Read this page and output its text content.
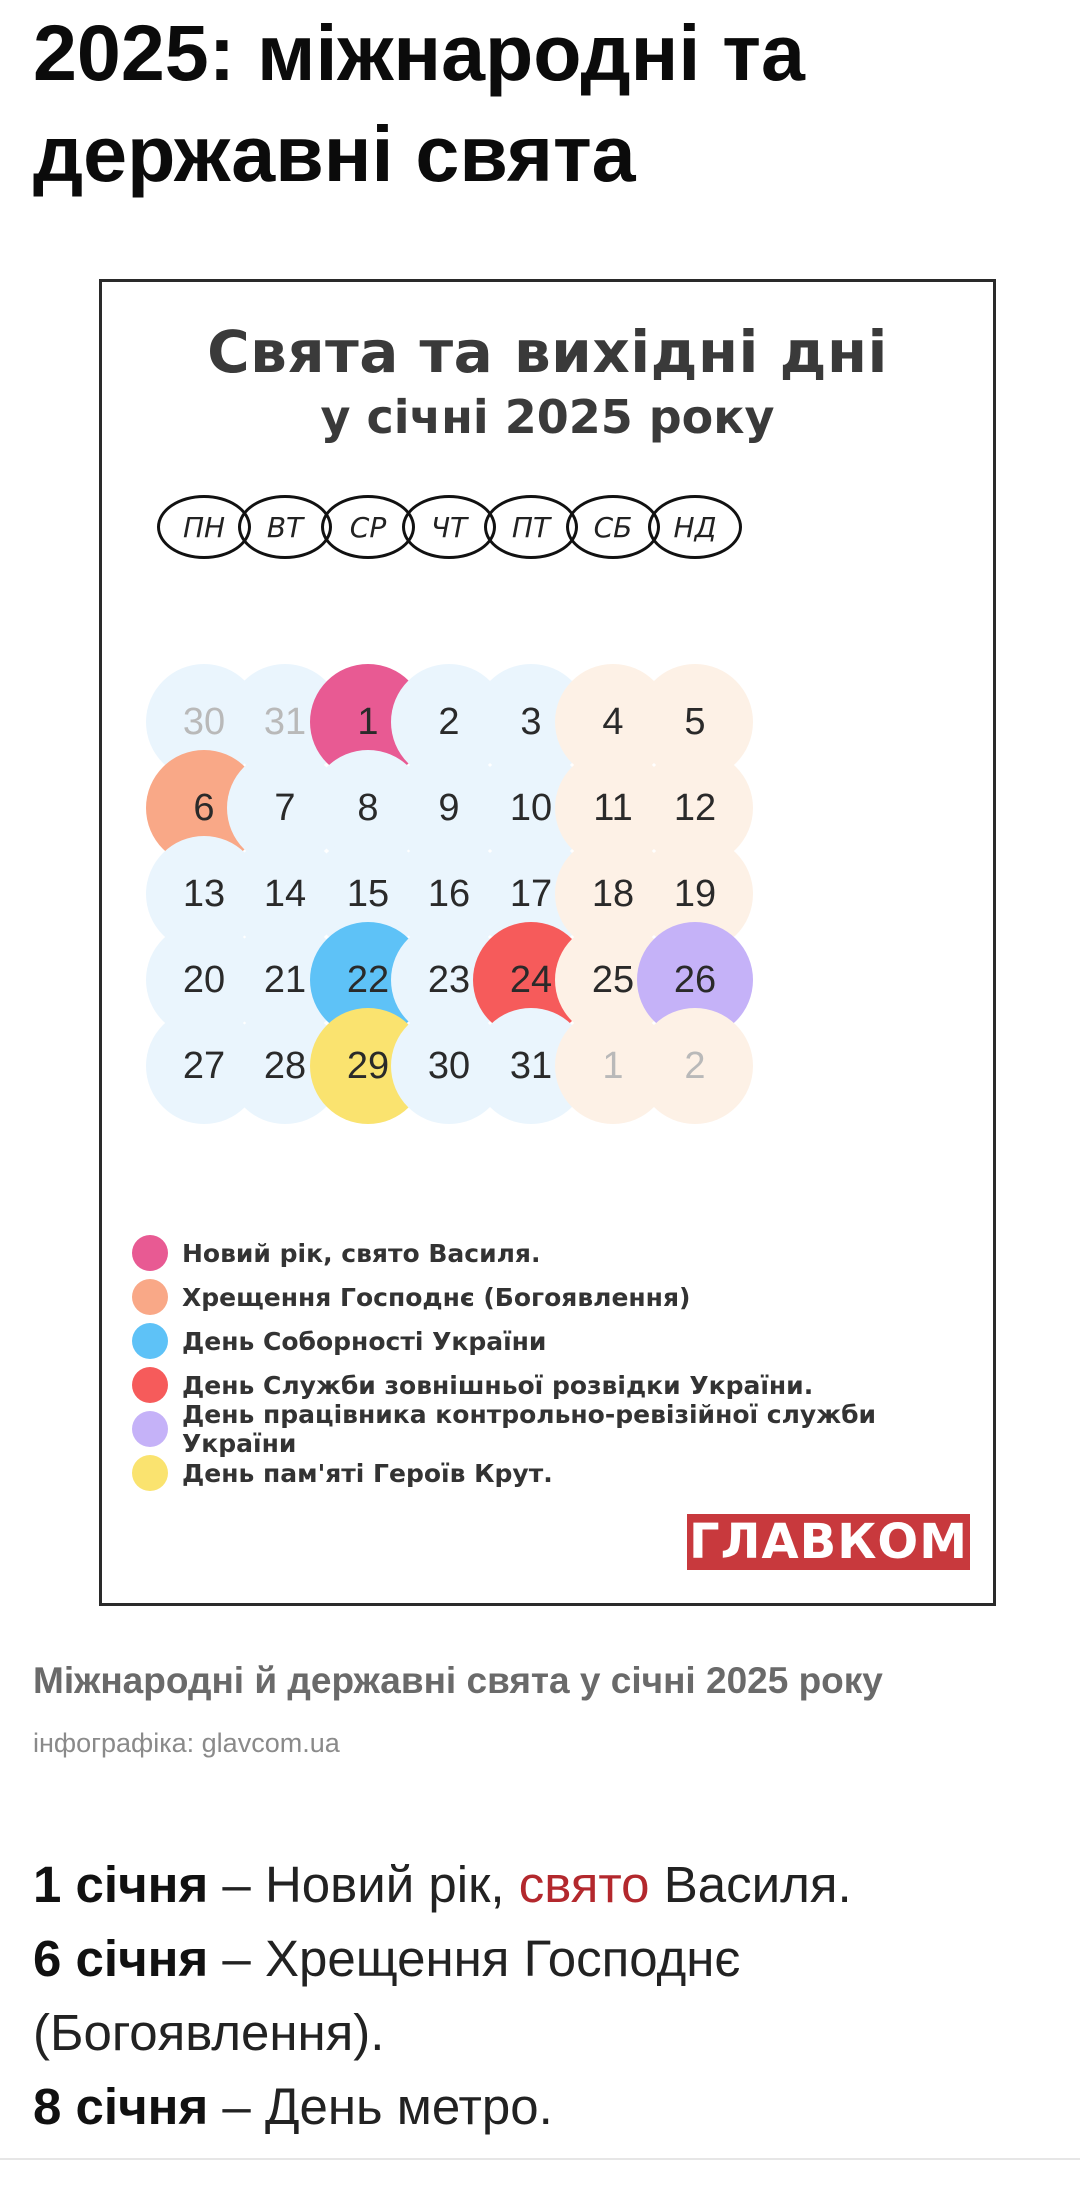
2025: міжнародні та державні свята
Свята та вихідні дні
у січні 2025 року
ПН	ВТ	СР	ЧТ	ПТ	СБ	НД
30	31	1	2	3	4	5
6	7	8	9	10	11	12
13	14	15	16	17	18	19
20	21	22	23	24	25	26
27	28	29	30	31	1	2
Новий рік, свято Василя.
Хрещення Господнє (Богоявлення)
День Соборності України
День Служби зовнішньої розвідки України.
День працівника контрольно-ревізійної служби України
День пам'яті Героїв Крут.
ГЛАВКОМ

Міжнародні й державні свята у січні 2025 року

інфографіка: glavcom.ua

1 січня – Новий рік, свято Василя.

6 січня – Хрещення Господнє (Богоявлення).

8 січня – День метро.
